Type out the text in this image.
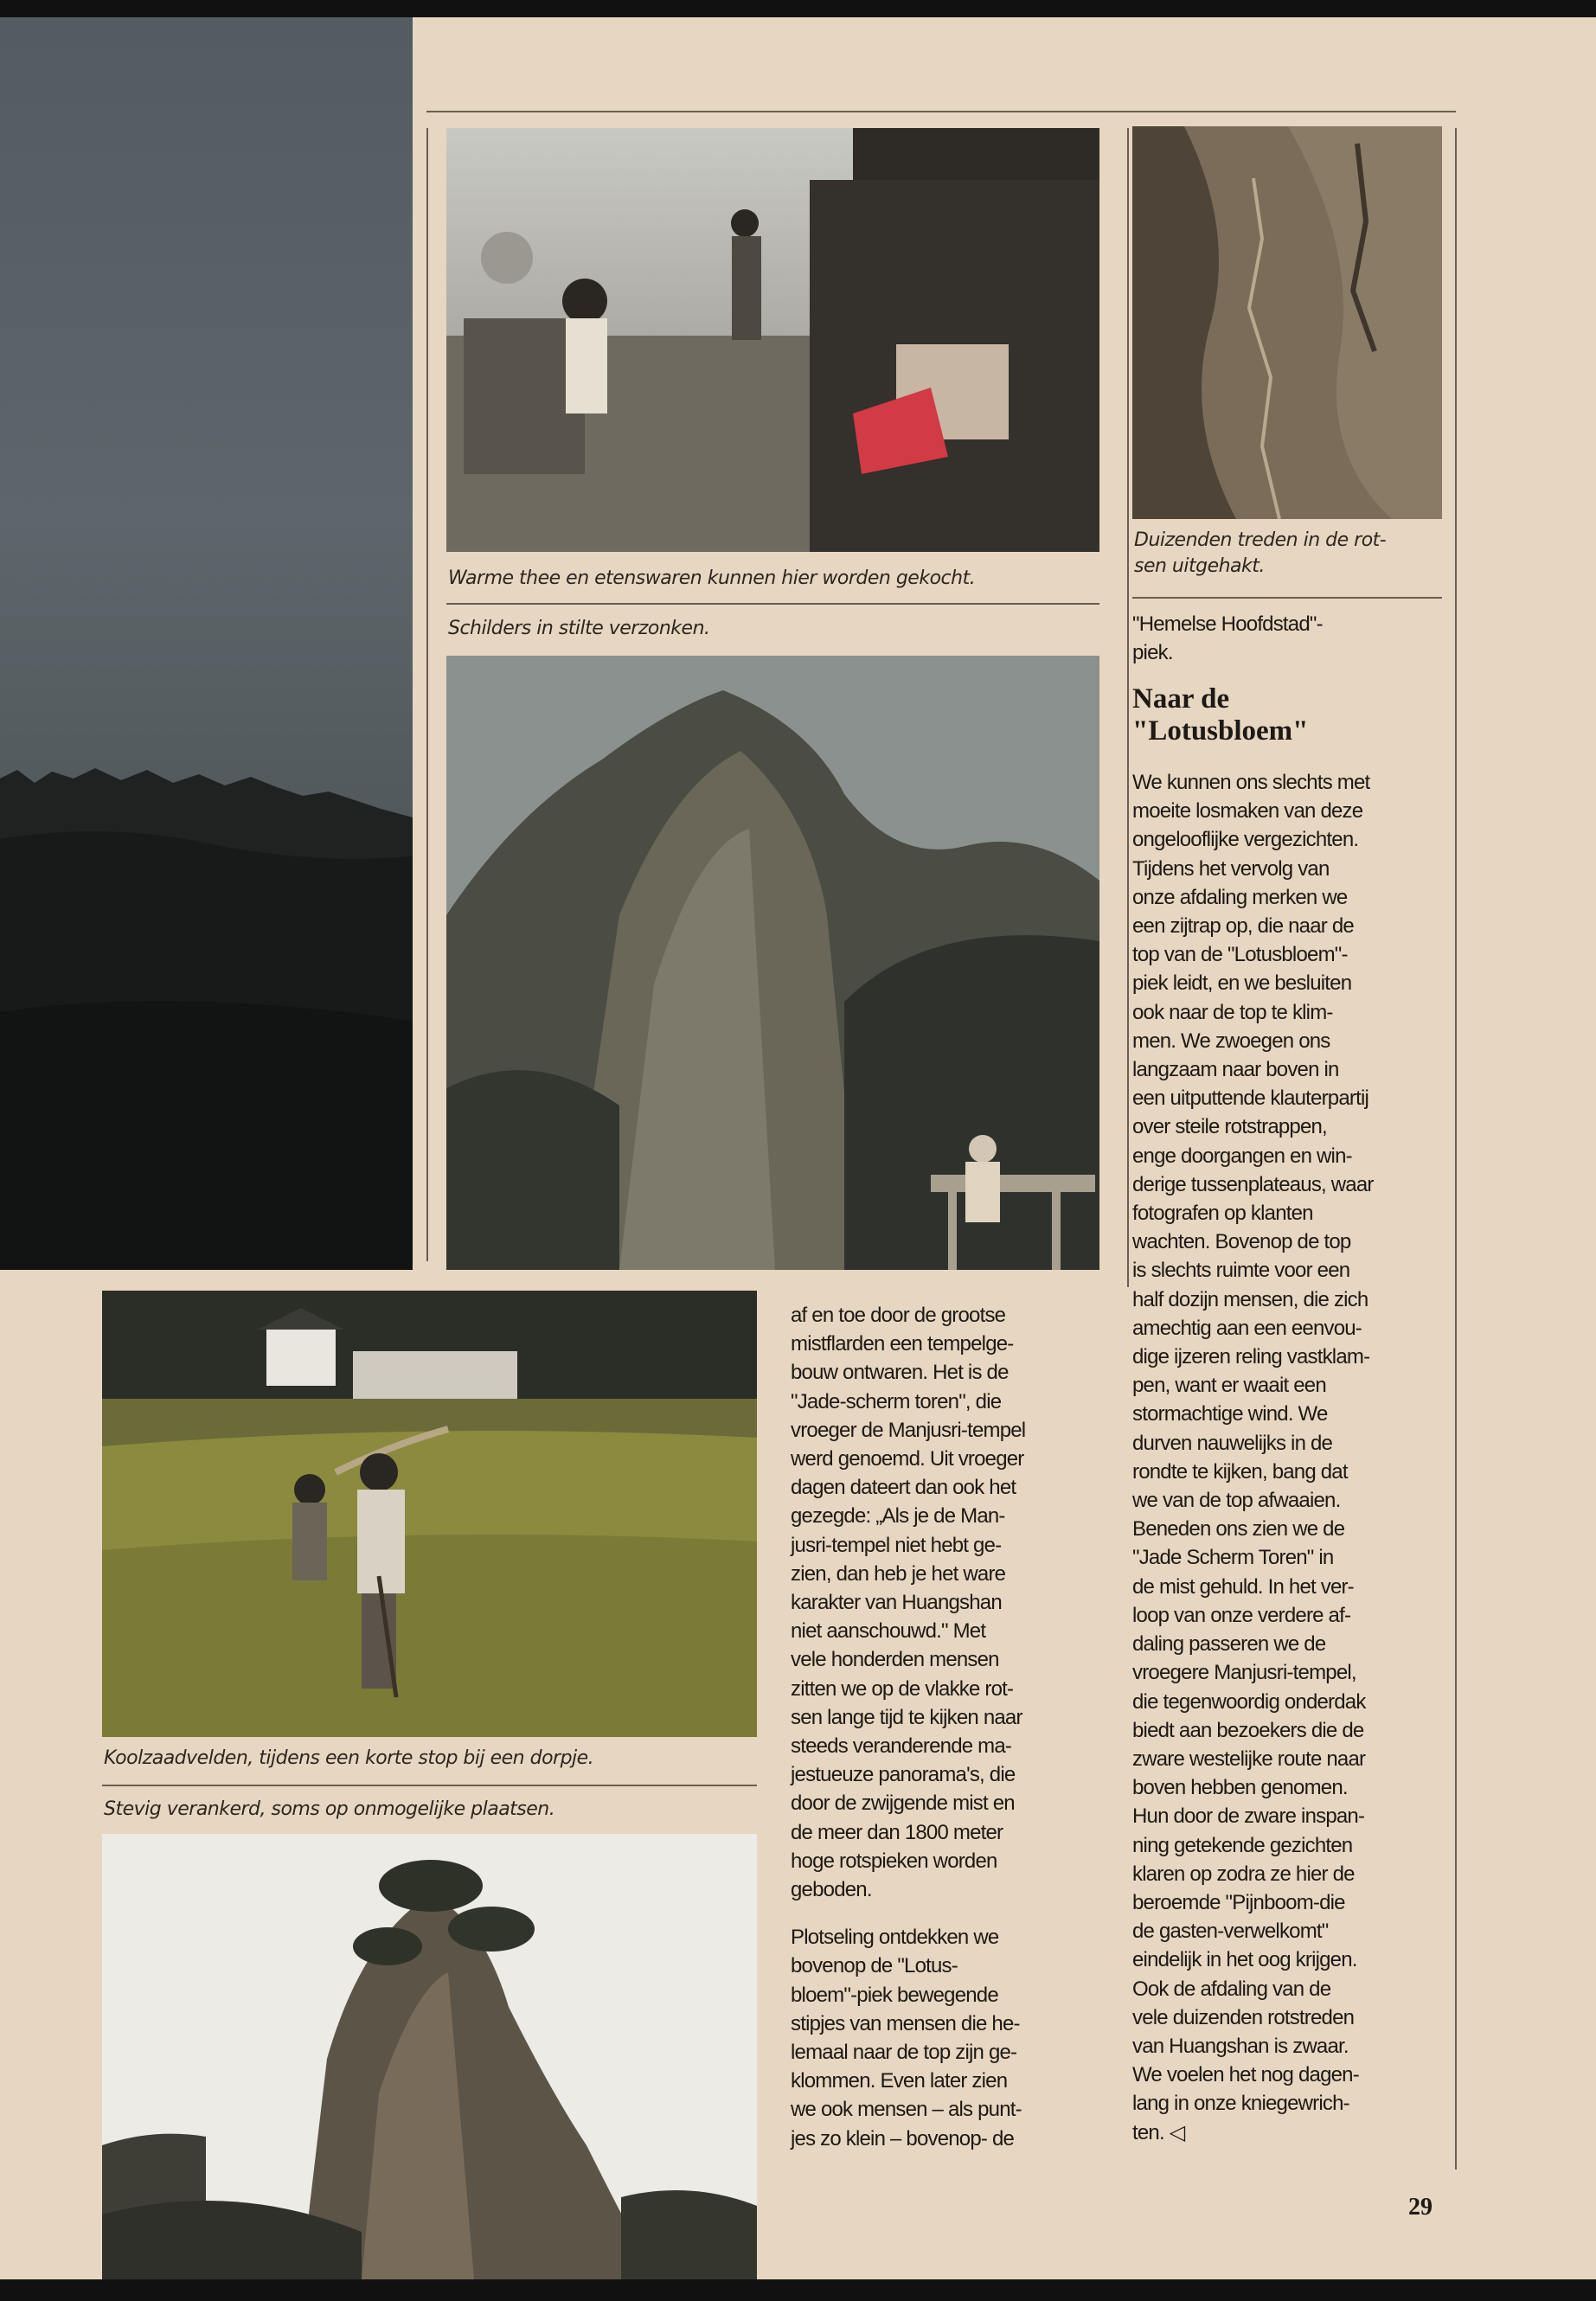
Warme thee en etenswaren kunnen hier worden gekocht.
Schilders in stilte verzonken.
Duizenden treden in de rot-
sen uitgehakt.

"Hemelse Hoofdstad"-

piek.

Naar de
"Lotusbloem"

We kunnen ons slechts met

moeite losmaken van deze

ongelooflijke vergezichten.

Tijdens het vervolg van

onze afdaling merken we

een zijtrap op, die naar de

top van de "Lotusbloem"-

piek leidt, en we besluiten

ook naar de top te klim-

men. We zwoegen ons

langzaam naar boven in

een uitputtende klauterpartij

over steile rotstrappen,

enge doorgangen en win-

derige tussenplateaus, waar

fotografen op klanten

wachten. Bovenop de top

is slechts ruimte voor een

half dozijn mensen, die zich

amechtig aan een eenvou-

dige ijzeren reling vastklam-

pen, want er waait een

stormachtige wind. We

durven nauwelijks in de

rondte te kijken, bang dat

we van de top afwaaien.

Beneden ons zien we de

"Jade Scherm Toren" in

de mist gehuld. In het ver-

loop van onze verdere af-

daling passeren we de

vroegere Manjusri-tempel,

die tegenwoordig onderdak

biedt aan bezoekers die de

zware westelijke route naar

boven hebben genomen.

Hun door de zware inspan-

ning getekende gezichten

klaren op zodra ze hier de

beroemde "Pijnboom-die

de gasten-verwelkomt"

eindelijk in het oog krijgen.

Ook de afdaling van de

vele duizenden rotstreden

van Huangshan is zwaar.

We voelen het nog dagen-

lang in onze kniegewrich-

ten. ◁

Koolzaadvelden, tijdens een korte stop bij een dorpje.
Stevig verankerd, soms op onmogelijke plaatsen.

af en toe door de grootse

mistflarden een tempelge-

bouw ontwaren. Het is de

"Jade-scherm toren", die

vroeger de Manjusri-tempel

werd genoemd. Uit vroeger

dagen dateert dan ook het

gezegde: „Als je de Man-

jusri-tempel niet hebt ge-

zien, dan heb je het ware

karakter van Huangshan

niet aanschouwd." Met

vele honderden mensen

zitten we op de vlakke rot-

sen lange tijd te kijken naar

steeds veranderende ma-

jestueuze panorama's, die

door de zwijgende mist en

de meer dan 1800 meter

hoge rotspieken worden

geboden.

Plotseling ontdekken we

bovenop de "Lotus-

bloem"-piek bewegende

stipjes van mensen die he-

lemaal naar de top zijn ge-

klommen. Even later zien

we ook mensen – als punt-

jes zo klein – bovenop- de

29
